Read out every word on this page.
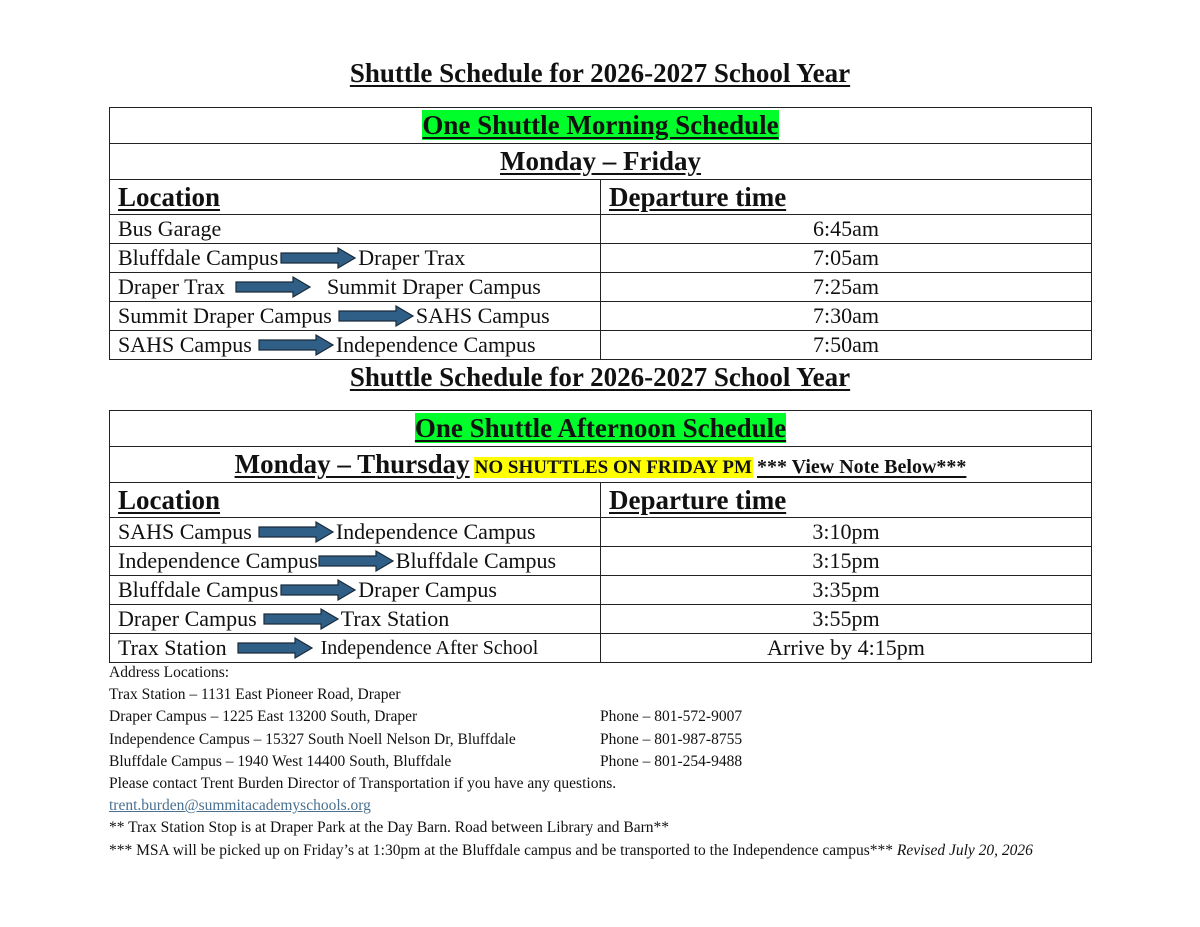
Shuttle Schedule for 2026-2027 School Year
One Shuttle Morning Schedule	
Monday – Friday	
Location	Departure time
Bus Garage	6:45am

Bluffdale Campus Draper Trax	7:05am

Draper Trax Summit Draper Campus	7:25am

Summit Draper Campus SAHS Campus	7:30am

SAHS Campus Independence Campus	7:50am
Shuttle Schedule for 2026-2027 School Year
One Shuttle Afternoon Schedule	
Monday – Thursday NO SHUTTLES ON FRIDAY PM *** View Note Below***	
Location	Departure time

SAHS Campus Independence Campus	3:10pm

Independence Campus Bluffdale Campus	3:15pm

Bluffdale Campus Draper Campus	3:35pm

Draper Campus Trax Station	3:55pm

Trax Station Independence After School	Arrive by 4:15pm
Address Locations:
Trax Station – 1131 East Pioneer Road, Draper
Draper Campus – 1225 East 13200 South, Draper	Phone – 801-572-9007
Independence Campus – 15327 South Noell Nelson Dr, Bluffdale	Phone – 801-987-8755
Bluffdale Campus – 1940 West 14400 South, Bluffdale	Phone – 801-254-9488
Please contact Trent Burden Director of Transportation if you have any questions.
trent.burden@summitacademyschools.org
** Trax Station Stop is at Draper Park at the Day Barn. Road between Library and Barn**
*** MSA will be picked up on Friday’s at 1:30pm at the Bluffdale campus and be transported to the Independence campus*** Revised July 20, 2026
